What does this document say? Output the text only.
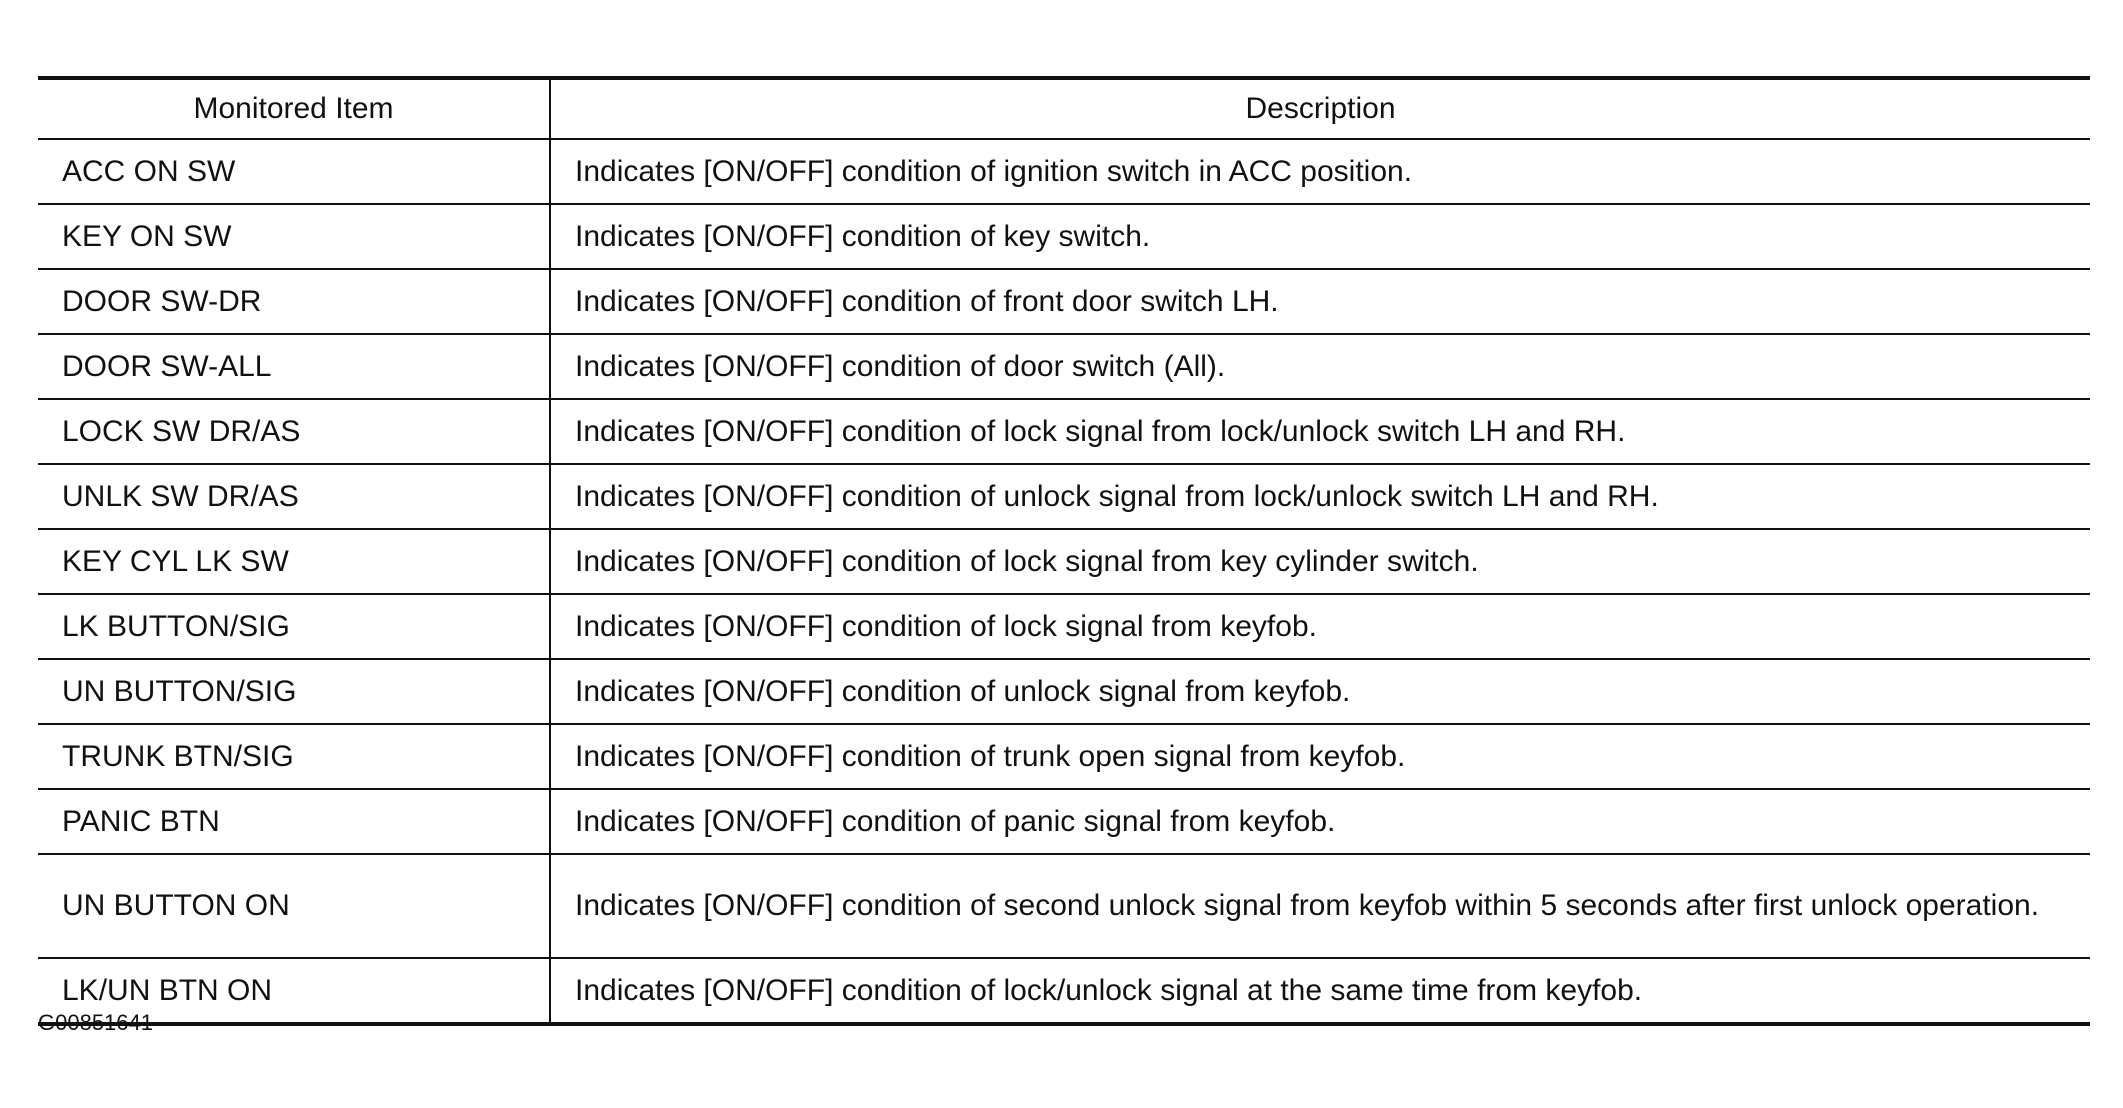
Monitored Item	Description
ACC ON SW	Indicates [ON/OFF] condition of ignition switch in ACC position.
KEY ON SW	Indicates [ON/OFF] condition of key switch.
DOOR SW-DR	Indicates [ON/OFF] condition of front door switch LH.
DOOR SW-ALL	Indicates [ON/OFF] condition of door switch (All).
LOCK SW DR/AS	Indicates [ON/OFF] condition of lock signal from lock/unlock switch LH and RH.
UNLK SW DR/AS	Indicates [ON/OFF] condition of unlock signal from lock/unlock switch LH and RH.
KEY CYL LK SW	Indicates [ON/OFF] condition of lock signal from key cylinder switch.
LK BUTTON/SIG	Indicates [ON/OFF] condition of lock signal from keyfob.
UN BUTTON/SIG	Indicates [ON/OFF] condition of unlock signal from keyfob.
TRUNK BTN/SIG	Indicates [ON/OFF] condition of trunk open signal from keyfob.
PANIC BTN	Indicates [ON/OFF] condition of panic signal from keyfob.
UN BUTTON ON	Indicates [ON/OFF] condition of second unlock signal from keyfob within 5 seconds after first unlock operation.
LK/UN BTN ON	Indicates [ON/OFF] condition of lock/unlock signal at the same time from keyfob.
G00851641
